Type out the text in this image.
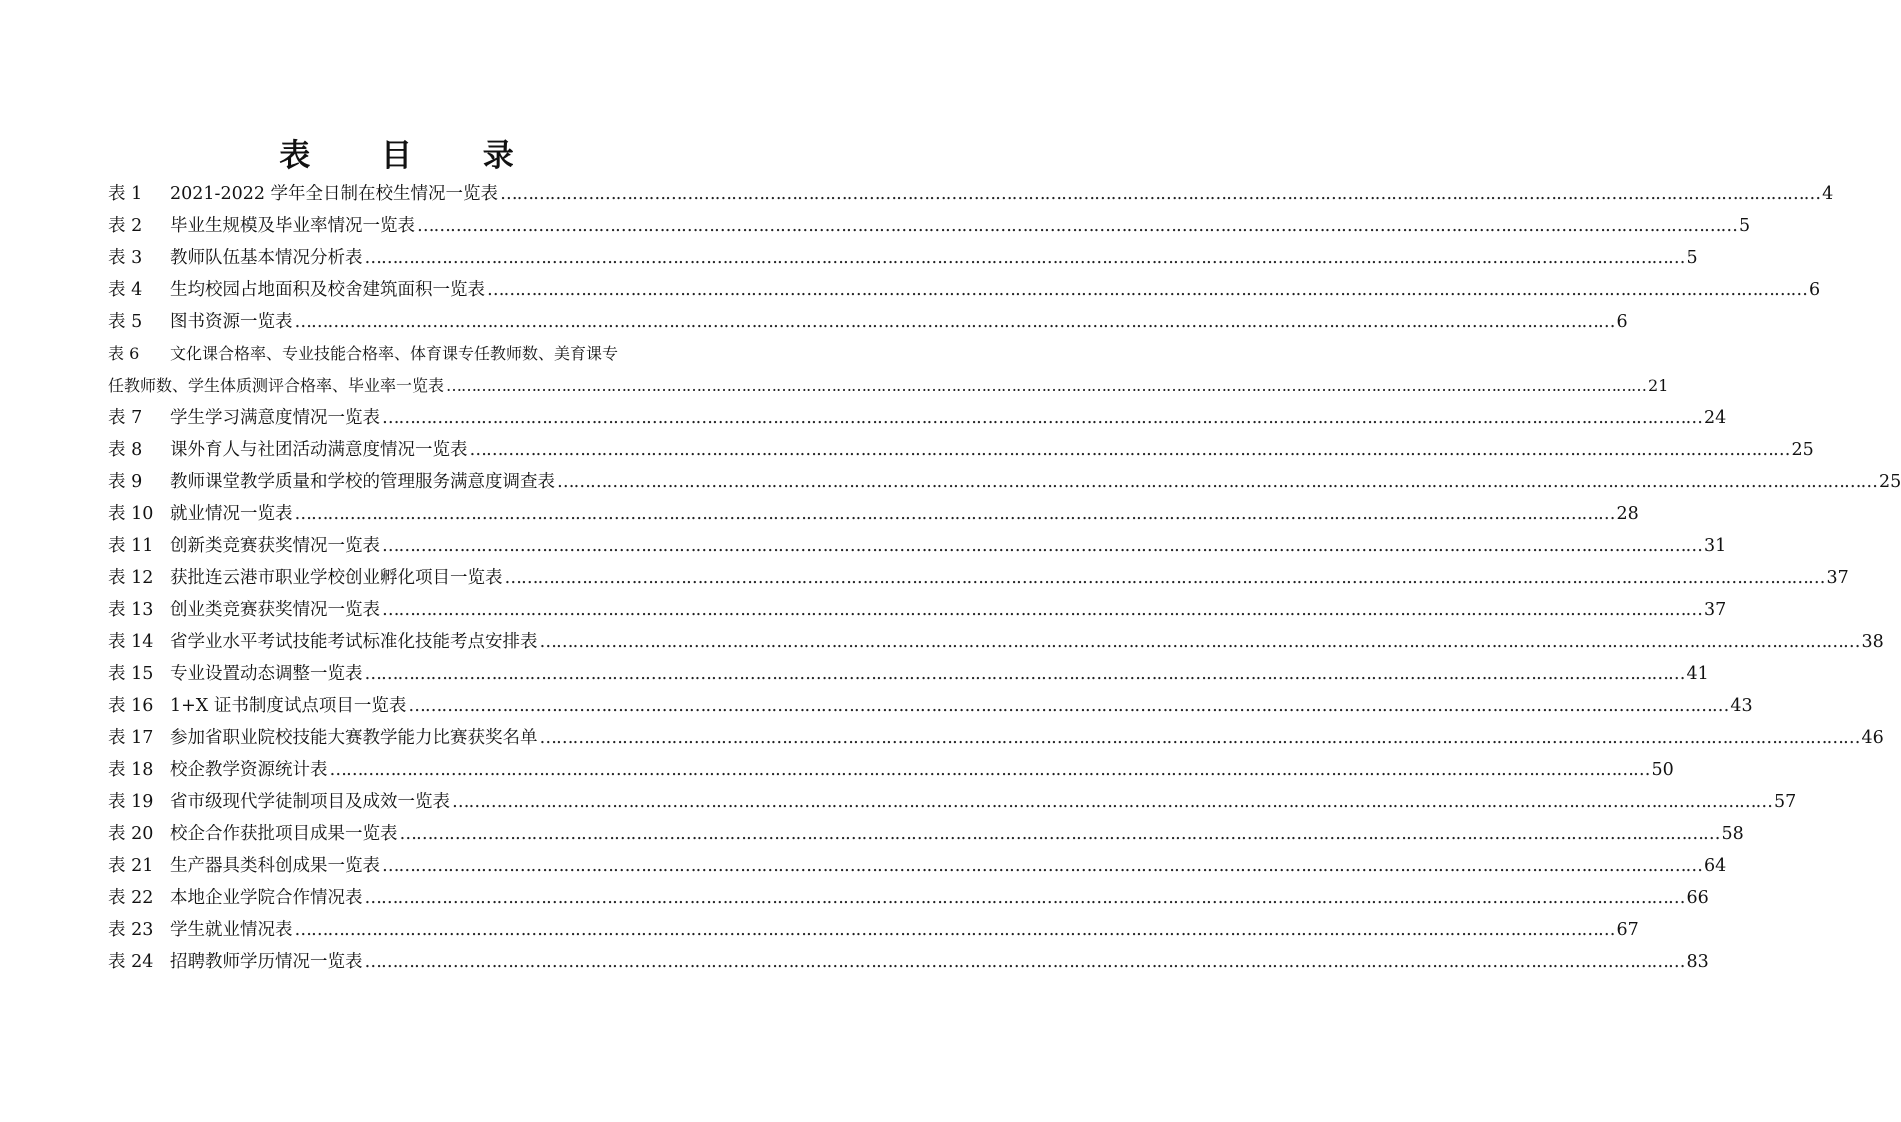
表 目 录
表 1	2021-2022 学年全日制在校生情况一览表 …………………………………………………………………………………………………………………………………………………………………………………………………………………… 4
表 2	毕业生规模及毕业率情况一览表 …………………………………………………………………………………………………………………………………………………………………………………………………………………… 5
表 3	教师队伍基本情况分析表 …………………………………………………………………………………………………………………………………………………………………………………………………………………… 5
表 4	生均校园占地面积及校舍建筑面积一览表 …………………………………………………………………………………………………………………………………………………………………………………………………………………… 6
表 5	图书资源一览表 …………………………………………………………………………………………………………………………………………………………………………………………………………………… 6
表 6	文化课合格率、专业技能合格率、体育课专任教师数、美育课专
任教师数、学生体质测评合格率、毕业率一览表 …………………………………………………………………………………………………………………………………………………………………………………………………………………… 21
表 7	学生学习满意度情况一览表 …………………………………………………………………………………………………………………………………………………………………………………………………………………… 24
表 8	课外育人与社团活动满意度情况一览表 …………………………………………………………………………………………………………………………………………………………………………………………………………………… 25
表 9	教师课堂教学质量和学校的管理服务满意度调查表 …………………………………………………………………………………………………………………………………………………………………………………………………………………… 25
表 10 就业情况一览表 …………………………………………………………………………………………………………………………………………………………………………………………………………………… 28
表 11 创新类竞赛获奖情况一览表 …………………………………………………………………………………………………………………………………………………………………………………………………………………… 31
表 12 获批连云港市职业学校创业孵化项目一览表 …………………………………………………………………………………………………………………………………………………………………………………………………………………… 37
表 13 创业类竞赛获奖情况一览表 …………………………………………………………………………………………………………………………………………………………………………………………………………………… 37
表 14 省学业水平考试技能考试标准化技能考点安排表 …………………………………………………………………………………………………………………………………………………………………………………………………………………… 38
表 15 专业设置动态调整一览表 …………………………………………………………………………………………………………………………………………………………………………………………………………………… 41
表 16 1+X 证书制度试点项目一览表 …………………………………………………………………………………………………………………………………………………………………………………………………………………… 43
表 17 参加省职业院校技能大赛教学能力比赛获奖名单 …………………………………………………………………………………………………………………………………………………………………………………………………………………… 46
表 18 校企教学资源统计表 …………………………………………………………………………………………………………………………………………………………………………………………………………………… 50
表 19 省市级现代学徒制项目及成效一览表 …………………………………………………………………………………………………………………………………………………………………………………………………………………… 57
表 20 校企合作获批项目成果一览表 …………………………………………………………………………………………………………………………………………………………………………………………………………………… 58
表 21 生产器具类科创成果一览表 …………………………………………………………………………………………………………………………………………………………………………………………………………………… 64
表 22 本地企业学院合作情况表 …………………………………………………………………………………………………………………………………………………………………………………………………………………… 66
表 23 学生就业情况表 …………………………………………………………………………………………………………………………………………………………………………………………………………………… 67
表 24 招聘教师学历情况一览表 …………………………………………………………………………………………………………………………………………………………………………………………………………………… 83
